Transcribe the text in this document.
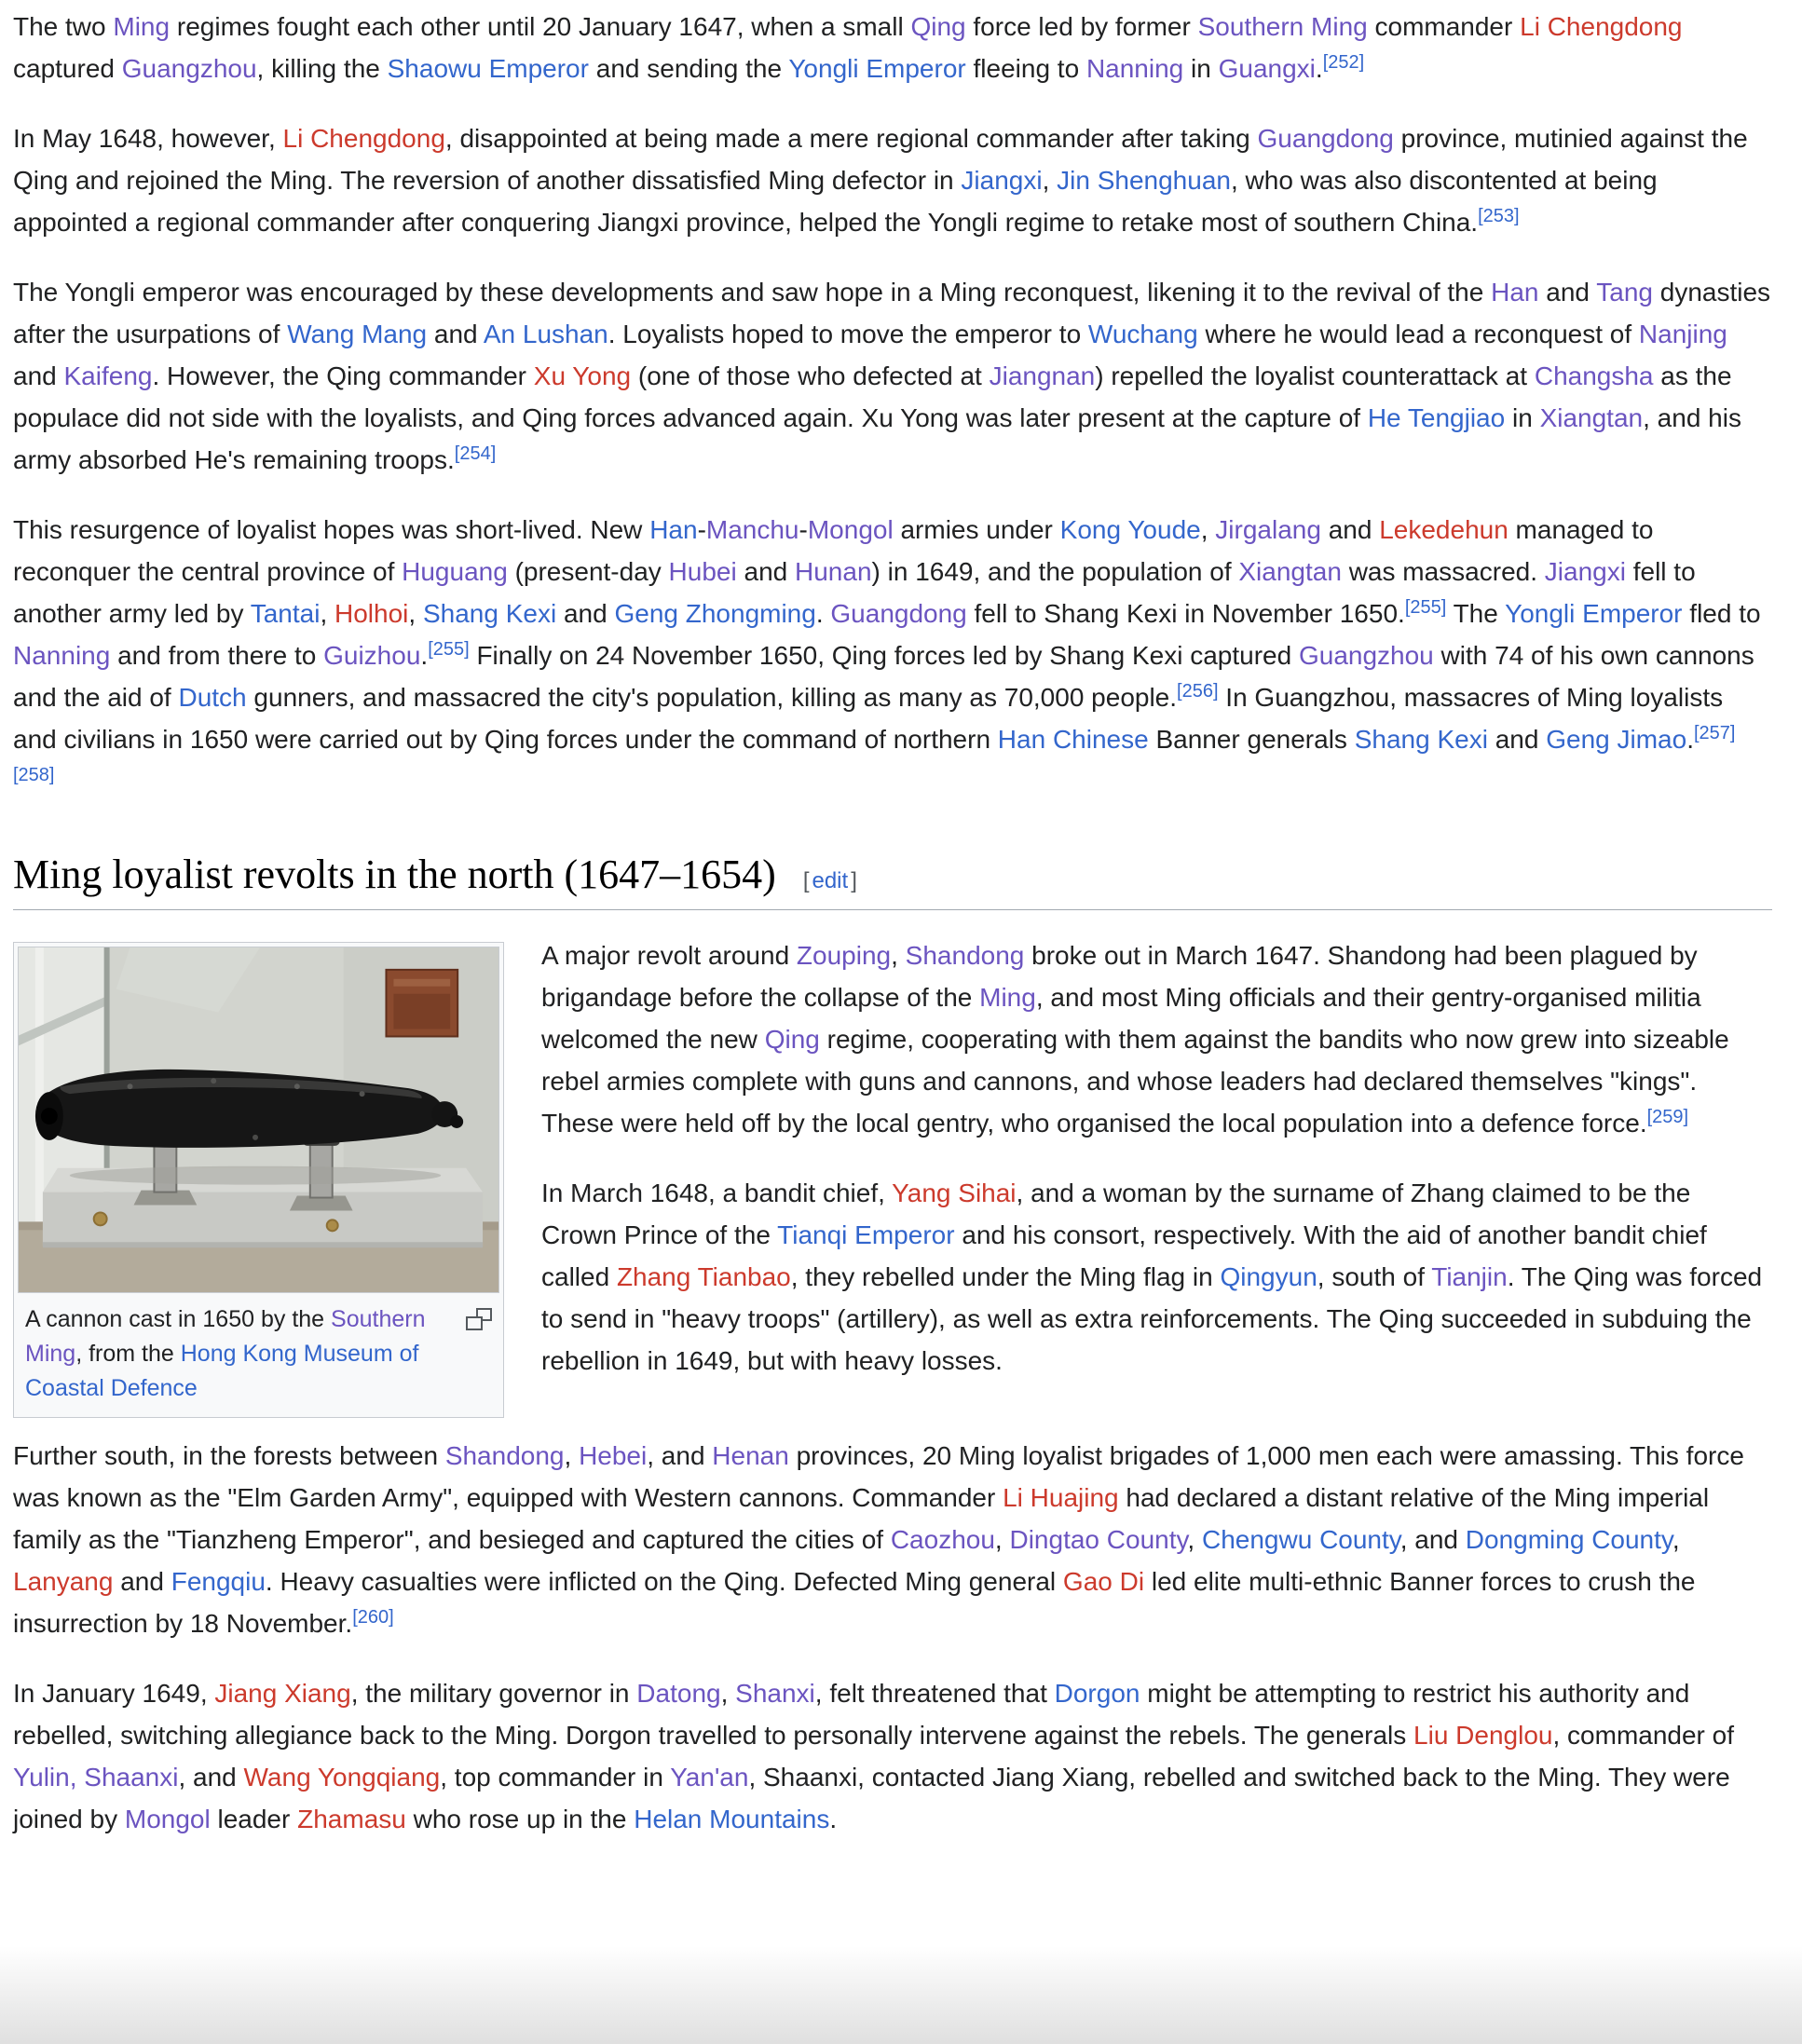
The two Ming regimes fought each other until 20 January 1647, when a small Qing force led by former Southern Ming commander Li Chengdong captured Guangzhou, killing the Shaowu Emperor and sending the Yongli Emperor fleeing to Nanning in Guangxi.[252]

In May 1648, however, Li Chengdong, disappointed at being made a mere regional commander after taking Guangdong province, mutinied against the Qing and rejoined the Ming. The reversion of another dissatisfied Ming defector in Jiangxi, Jin Shenghuan, who was also discontented at being appointed a regional commander after conquering Jiangxi province, helped the Yongli regime to retake most of southern China.[253]

The Yongli emperor was encouraged by these developments and saw hope in a Ming reconquest, likening it to the revival of the Han and Tang dynasties after the usurpations of Wang Mang and An Lushan. Loyalists hoped to move the emperor to Wuchang where he would lead a reconquest of Nanjing and Kaifeng. However, the Qing commander Xu Yong (one of those who defected at Jiangnan) repelled the loyalist counterattack at Changsha as the populace did not side with the loyalists, and Qing forces advanced again. Xu Yong was later present at the capture of He Tengjiao in Xiangtan, and his army absorbed He's remaining troops.[254]

This resurgence of loyalist hopes was short-lived. New Han-Manchu-Mongol armies under Kong Youde, Jirgalang and Lekedehun managed to reconquer the central province of Huguang (present-day Hubei and Hunan) in 1649, and the population of Xiangtan was massacred. Jiangxi fell to another army led by Tantai, Holhoi, Shang Kexi and Geng Zhongming. Guangdong fell to Shang Kexi in November 1650.[255] The Yongli Emperor fled to Nanning and from there to Guizhou.[255] Finally on 24 November 1650, Qing forces led by Shang Kexi captured Guangzhou with 74 of his own cannons and the aid of Dutch gunners, and massacred the city's population, killing as many as 70,000 people.[256] In Guangzhou, massacres of Ming loyalists and civilians in 1650 were carried out by Qing forces under the command of northern Han Chinese Banner generals Shang Kexi and Geng Jimao.[257][258]

Ming loyalist revolts in the north (1647–1654) [ edit ]
A cannon cast in 1650 by the Southern Ming, from the Hong Kong Museum of Coastal Defence

A major revolt around Zouping, Shandong broke out in March 1647. Shandong had been plagued by brigandage before the collapse of the Ming, and most Ming officials and their gentry-organised militia welcomed the new Qing regime, cooperating with them against the bandits who now grew into sizeable rebel armies complete with guns and cannons, and whose leaders had declared themselves "kings". These were held off by the local gentry, who organised the local population into a defence force.[259]

In March 1648, a bandit chief, Yang Sihai, and a woman by the surname of Zhang claimed to be the Crown Prince of the Tianqi Emperor and his consort, respectively. With the aid of another bandit chief called Zhang Tianbao, they rebelled under the Ming flag in Qingyun, south of Tianjin. The Qing was forced to send in "heavy troops" (artillery), as well as extra reinforcements. The Qing succeeded in subduing the rebellion in 1649, but with heavy losses.

Further south, in the forests between Shandong, Hebei, and Henan provinces, 20 Ming loyalist brigades of 1,000 men each were amassing. This force was known as the "Elm Garden Army", equipped with Western cannons. Commander Li Huajing had declared a distant relative of the Ming imperial family as the "Tianzheng Emperor", and besieged and captured the cities of Caozhou, Dingtao County, Chengwu County, and Dongming County, Lanyang and Fengqiu. Heavy casualties were inflicted on the Qing. Defected Ming general Gao Di led elite multi-ethnic Banner forces to crush the insurrection by 18 November.[260]

In January 1649, Jiang Xiang, the military governor in Datong, Shanxi, felt threatened that Dorgon might be attempting to restrict his authority and rebelled, switching allegiance back to the Ming. Dorgon travelled to personally intervene against the rebels. The generals Liu Denglou, commander of Yulin, Shaanxi, and Wang Yongqiang, top commander in Yan'an, Shaanxi, contacted Jiang Xiang, rebelled and switched back to the Ming. They were joined by Mongol leader Zhamasu who rose up in the Helan Mountains.
